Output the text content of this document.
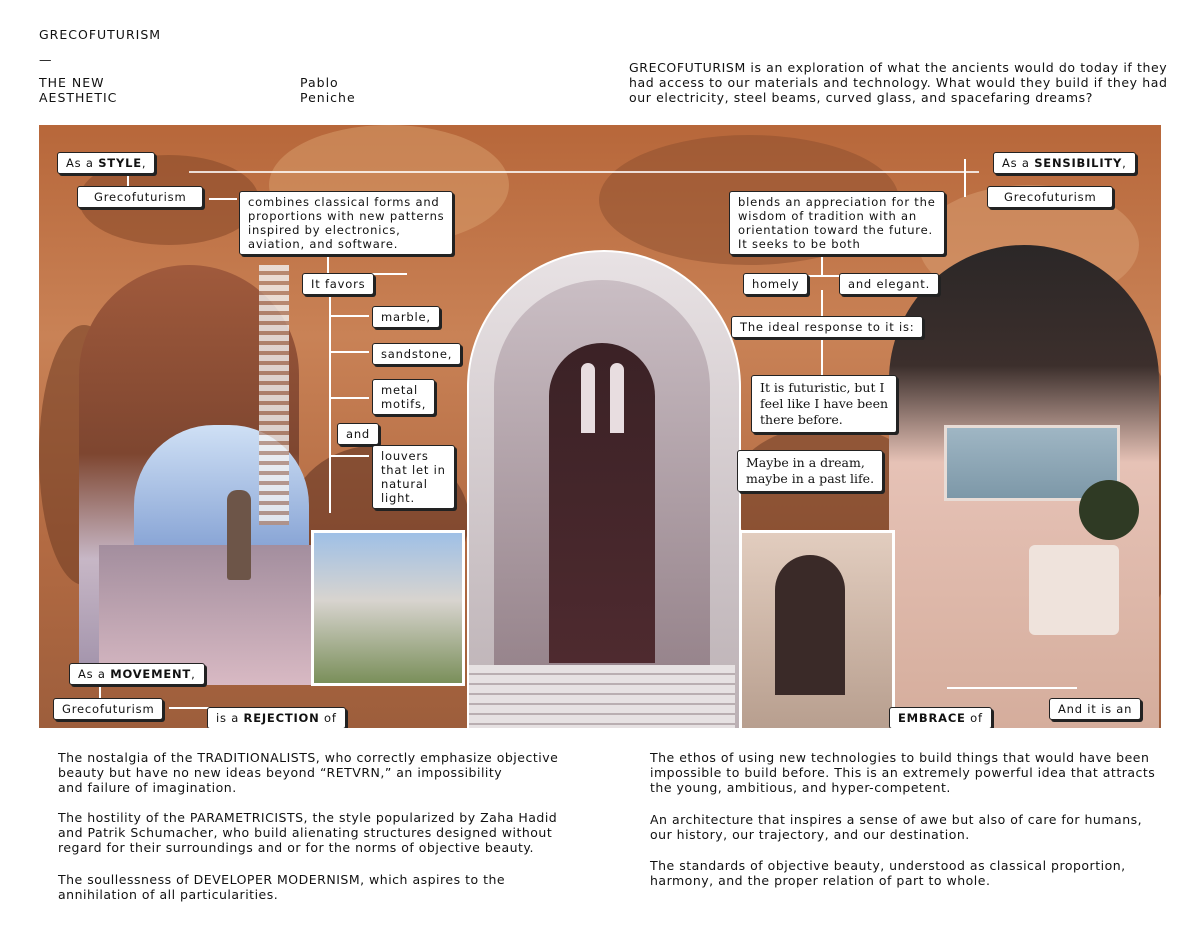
GRECOFUTURISM
—
THE NEW
AESTHETIC
Pablo
Peniche
GRECOFUTURISM is an exploration of what the ancients would do today if they had access to our materials and technology. What would they build if they had our electricity, steel beams, curved glass, and spacefaring dreams?
As a STYLE,
Grecofuturism	combines classical forms and
proportions with new patterns
inspired by electronics,
aviation, and software.
It favors
marble,
sandstone,
metal
motifs,
and
louvers
that let in
natural
light.
As a SENSIBILITY,
Grecofuturism
blends an appreciation for the
wisdom of tradition with an
orientation toward the future.
It seeks to be both
homely	and elegant.
The ideal response to it is:
It is futuristic, but I
feel like I have been
there before.
Maybe in a dream,
maybe in a past life.
As a MOVEMENT,
Grecofuturism
is a REJECTION of	EMBRACE of
And it is an
The nostalgia of the TRADITIONALISTS, who correctly emphasize objective
beauty but have no new ideas beyond “RETVRN,” an impossibility
and failure of imagination.
The hostility of the PARAMETRICISTS, the style popularized by Zaha Hadid
and Patrik Schumacher, who build alienating structures designed without
regard for their surroundings and or for the norms of objective beauty.
The soullessness of DEVELOPER MODERNISM, which aspires to the
annihilation of all particularities.
The ethos of using new technologies to build things that would have been
impossible to build before. This is an extremely powerful idea that attracts
the young, ambitious, and hyper-competent.
An architecture that inspires a sense of awe but also of care for humans,
our history, our trajectory, and our destination.
The standards of objective beauty, understood as classical proportion,
harmony, and the proper relation of part to whole.
